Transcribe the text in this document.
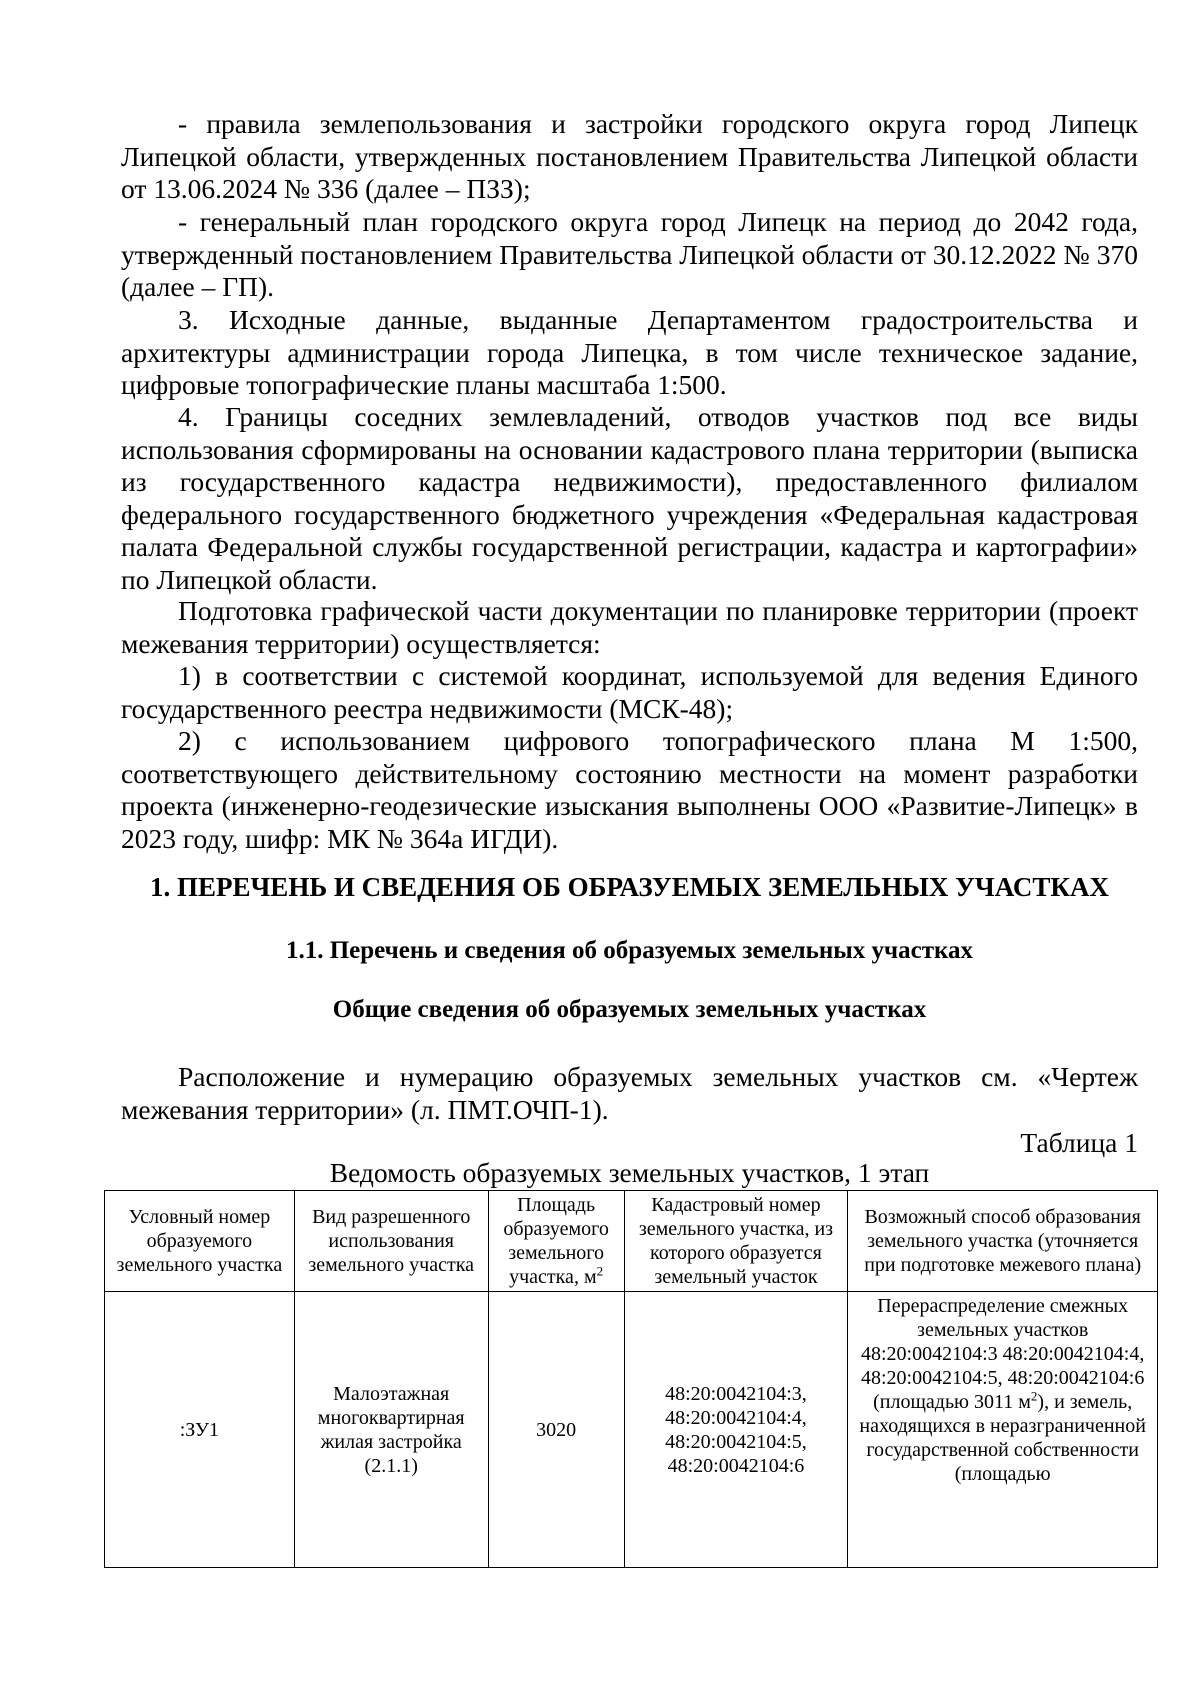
- правила землепользования и застройки городского округа город Липецк Липецкой области, утвержденных постановлением Правительства Липецкой области от 13.06.2024 № 336 (далее – ПЗЗ);

- генеральный план городского округа город Липецк на период до 2042 года, утвержденный постановлением Правительства Липецкой области от 30.12.2022 № 370 (далее – ГП).

3. Исходные данные, выданные Департаментом градостроительства и архитектуры администрации города Липецка, в том числе техническое задание, цифровые топографические планы масштаба 1:500.

4. Границы соседних землевладений, отводов участков под все виды использования сформированы на основании кадастрового плана территории (выписка из государственного кадастра недвижимости), предоставленного филиалом федерального государственного бюджетного учреждения «Федеральная кадастровая палата Федеральной службы государственной регистрации, кадастра и картографии» по Липецкой области.

Подготовка графической части документации по планировке территории (проект межевания территории) осуществляется:

1) в соответствии с системой координат, используемой для ведения Единого государственного реестра недвижимости (МСК-48);

2) с использованием цифрового топографического плана М 1:500, соответствующего действительному состоянию местности на момент разработки проекта (инженерно-геодезические изыскания выполнены ООО «Развитие-Липецк» в 2023 году, шифр: МК № 364а ИГДИ).

1. ПЕРЕЧЕНЬ И СВЕДЕНИЯ ОБ ОБРАЗУЕМЫХ ЗЕМЕЛЬНЫХ УЧАСТКАХ
1.1. Перечень и сведения об образуемых земельных участках
Общие сведения об образуемых земельных участках

Расположение и нумерацию образуемых земельных участков см. «Чертеж межевания территории» (л. ПМТ.ОЧП-1).

Таблица 1

Ведомость образуемых земельных участков, 1 этап

Условный номер образуемого земельного участка	Вид разрешенного использования земельного участка	Площадь образуемого земельного участка, $м^2$	Кадастровый номер земельного участка, из которого образуется земельный участок	Возможный способ образования земельного участка (уточняется при подготовке межевого плана)
:ЗУ1	Малоэтажная многоквартирная жилая застройка (2.1.1)	3020	48:20:0042104:3, 48:20:0042104:4, 48:20:0042104:5, 48:20:0042104:6	Перераспределение смежных земельных участков 48:20:0042104:3 48:20:0042104:4, 48:20:0042104:5, 48:20:0042104:6 (площадью 3011 $м^2$), и земель, находящихся в неразграниченной государственной собственности (площадью
